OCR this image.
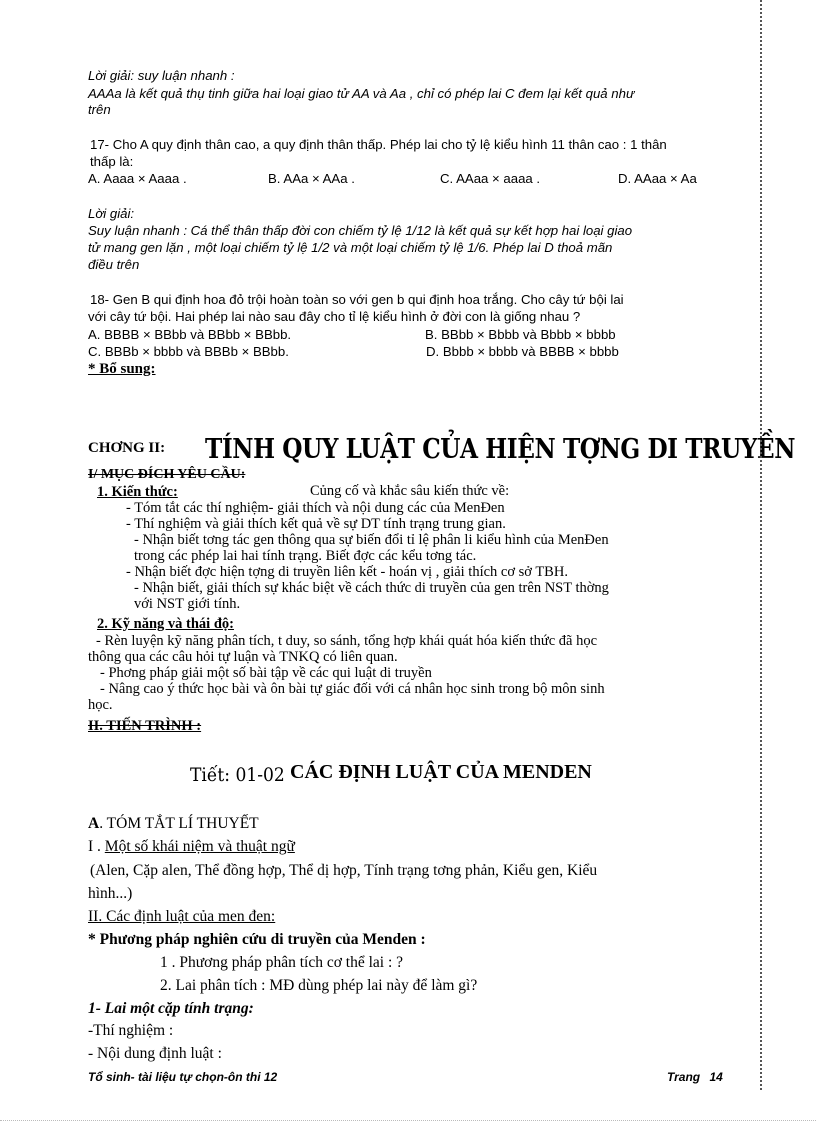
Lời giải: suy luận nhanh :
AAAa là kết quả thụ tinh giữa hai loại giao tử AA và Aa , chỉ có phép lai C đem lại kết quả như
trên
17- Cho A quy định thân cao, a quy định thân thấp. Phép lai cho tỷ lệ kiểu hình 11 thân cao : 1 thân
thấp là:
A. Aaaa × Aaaa .	B. AAa × AAa .	C. AAaa × aaaa .	D. AAaa × Aa
Lời giải:
Suy luận nhanh : Cá thể thân thấp đời con chiếm tỷ lệ 1/12 là kết quả sự kết hợp hai loại giao
tử mang gen lặn , một loại chiếm tỷ lệ 1/2 và một loại chiếm tỷ lệ 1/6. Phép lai D thoả mãn
điều trên
18- Gen B qui định hoa đỏ trội hoàn toàn so với gen b qui định hoa trắng. Cho cây tứ bội lai
với cây tứ bội. Hai phép lai nào sau đây cho tỉ lệ kiểu hình ở đời con là giống nhau ?
A. BBBB × BBbb và BBbb × BBbb.	B. BBbb × Bbbb và Bbbb × bbbb
C. BBBb × bbbb và BBBb × BBbb.	D. Bbbb × bbbb và BBBB × bbbb
* Bổ sung:
CHƠNG II: TÍNH QUY LUẬT CỦA HIỆN TỢNG DI TRUYỀN
I/ MỤC ĐÍCH YÊU CẦU:
1. Kiến thức:	Củng cố và khắc sâu kiến thức về:
- Tóm tắt các thí nghiệm- giải thích và nội dung các của MenĐen
- Thí nghiệm và giải thích kết quả về sự DT tính trạng trung gian.
- Nhận biết tơng tác gen thông qua sự biến đổi tỉ lệ phân li kiểu hình của MenĐen
trong các phép lai hai tính trạng. Biết đợc các kểu tơng tác.
- Nhận biết đợc hiện tợng di truyền liên kết - hoán vị , giải thích cơ sở TBH.
- Nhận biết, giải thích sự khác biệt về cách thức di truyền của gen trên NST thờng
với NST giới tính.
2. Kỹ năng và thái độ:
- Rèn luyện kỹ năng phân tích, t duy, so sánh, tổng hợp khái quát hóa kiến thức đã học
thông qua các câu hỏi tự luận và TNKQ có liên quan.
- Phơng pháp giải một số bài tập về các qui luật di truyền
- Nâng cao ý thức học bài và ôn bài tự giác đối với cá nhân học sinh trong bộ môn sinh
học.
II. TIẾN TRÌNH :
Tiết: 01-02 CÁC ĐỊNH LUẬT CỦA MENDEN
A. TÓM TẮT LÍ THUYẾT
I . Một số khái niệm và thuật ngữ
(Alen, Cặp alen, Thể đồng hợp, Thể dị hợp, Tính trạng tơng phản, Kiểu gen, Kiểu
hình...)
II. Các định luật của men đen:
* Phương pháp nghiên cứu di truyền của Menden :
1 . Phương pháp phân tích cơ thể lai : ?
2. Lai phân tích : MĐ dùng phép lai này để làm gì?
1- Lai một cặp tính trạng:
-Thí nghiệm :
- Nội dung định luật :
Tổ sinh- tài liệu tự chọn-ôn thi 12	Trang 14
